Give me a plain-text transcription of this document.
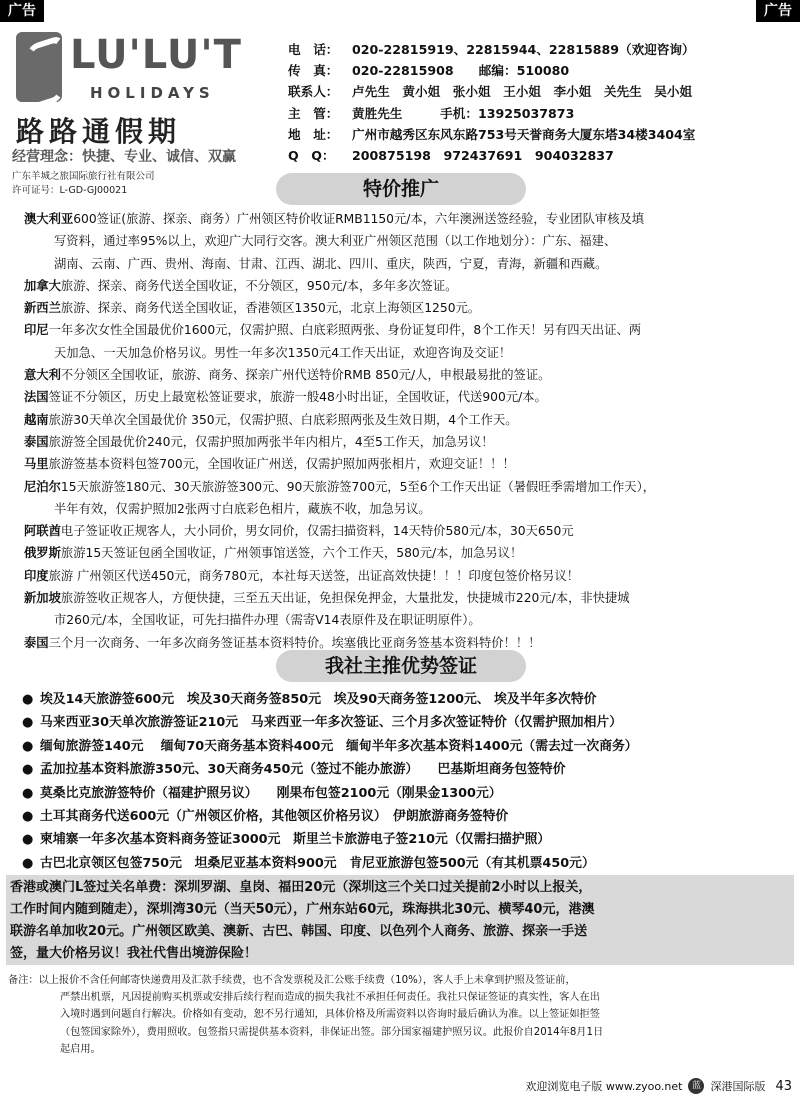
广告	广告
LU'LU'T
HOLIDAYS
路路通假期
经营理念：快捷、专业、诚信、双赢
广东羊城之旅国际旅行社有限公司
许可证号：L-GD-GJ00021
电　话：	020-22815919、22815944、22815889（欢迎咨询）
传　真：	020-22815908　　邮编：510080
联系人：	卢先生　黄小姐　张小姐　王小姐　李小姐　关先生　吴小姐
主　管：	黄胜先生　　　手机：13925037873
地　址：	广州市越秀区东风东路753号天誉商务大厦东塔34楼3404室
Q　Q：	200875198　972437691　904032837
特价推广
澳大利亚600签证(旅游、探亲、商务）广州领区特价收证RMB1150元/本，六年澳洲送签经验，专业团队审核及填
写资料，通过率95%以上，欢迎广大同行交客。澳大利亚广州领区范围（以工作地划分）：广东、福建、
湖南、云南、广西、贵州、海南、甘肃、江西、湖北、四川、重庆，陕西，宁夏，青海，新疆和西藏。
加拿大旅游、探亲、商务代送全国收证，不分领区，950元/本，多年多次签证。
新西兰旅游、探亲、商务代送全国收证，香港领区1350元，北京上海领区1250元。
印尼一年多次女性全国最优价1600元，仅需护照、白底彩照两张、身份证复印件，8个工作天！另有四天出证、两
天加急、一天加急价格另议。男性一年多次1350元4工作天出证，欢迎咨询及交证！
意大利不分领区全国收证，旅游、商务、探亲广州代送特价RMB 850元/人，申根最易批的签证。
法国签证不分领区，历史上最宽松签证要求，旅游一般48小时出证，全国收证，代送900元/本。
越南旅游30天单次全国最优价 350元，仅需护照、白底彩照两张及生效日期，4个工作天。
泰国旅游签全国最优价240元，仅需护照加两张半年内相片，4至5工作天，加急另议！
马里旅游签基本资料包签700元，全国收证广州送，仅需护照加两张相片，欢迎交证！！！
尼泊尔15天旅游签180元、30天旅游签300元、90天旅游签700元，5至6个工作天出证（暑假旺季需增加工作天），
半年有效，仅需护照加2张两寸白底彩色相片，藏族不收，加急另议。
阿联酋电子签证收正规客人，大小同价，男女同价，仅需扫描资料，14天特价580元/本，30天650元
俄罗斯旅游15天签证包函全国收证，广州领事馆送签，六个工作天，580元/本，加急另议！
印度旅游 广州领区代送450元，商务780元，本社每天送签，出证高效快捷！！！印度包签价格另议！
新加坡旅游签收正规客人，方便快捷，三至五天出证，免担保免押金，大量批发，快捷城市220元/本，非快捷城
市260元/本，全国收证，可先扫描件办理（需寄V14表原件及在职证明原件）。
泰国三个月一次商务、一年多次商务签证基本资料特价。埃塞俄比亚商务签基本资料特价！！！
我社主推优势签证
● 埃及14天旅游签600元　埃及30天商务签850元　埃及90天商务签1200元、 埃及半年多次特价
● 马来西亚30天单次旅游签证210元　马来西亚一年多次签证、三个月多次签证特价（仅需护照加相片）
● 缅甸旅游签140元　 缅甸70天商务基本资料400元　缅甸半年多次基本资料1400元（需去过一次商务）
● 孟加拉基本资料旅游350元、30天商务450元（签过不能办旅游）　　巴基斯坦商务包签特价
● 莫桑比克旅游签特价（福建护照另议）　　刚果布包签2100元（刚果金1300元）
● 土耳其商务代送600元（广州领区价格，其他领区价格另议）　伊朗旅游商务签特价
● 柬埔寨一年多次基本资料商务签证3000元　斯里兰卡旅游电子签210元（仅需扫描护照）
● 古巴北京领区包签750元　坦桑尼亚基本资料900元　肯尼亚旅游包签500元（有其机票450元）
香港或澳门L签过关名单费：深圳罗湖、皇岗、福田20元（深圳这三个关口过关提前2小时以上报关，
工作时间内随到随走），深圳湾30元（当天50元），广州东站60元，珠海拱北30元、横琴40元，港澳
联游名单加收20元。广州领区欧美、澳新、古巴、韩国、印度、以色列个人商务、旅游、探亲一手送
签，量大价格另议！我社代售出境游保险！
备注：以上报价不含任何邮寄快递费用及汇款手续费，也不含发票税及汇公账手续费（10%），客人手上未拿到护照及签证前，
严禁出机票，凡因提前购买机票或安排后续行程而造成的损失我社不承担任何责任。我社只保证签证的真实性，客人在出
入境时遇到问题自行解决。价格如有变动，恕不另行通知，具体价格及所需资料以咨询时最后确认为准。以上签证如拒签
（包签国家除外），费用照收。包签指只需提供基本资料，非保证出签。部分国家福建护照另议。此报价自2014年8月1日
起启用。
欢迎浏览电子版 www.zyoo.net	蓝 深港国际版 43
